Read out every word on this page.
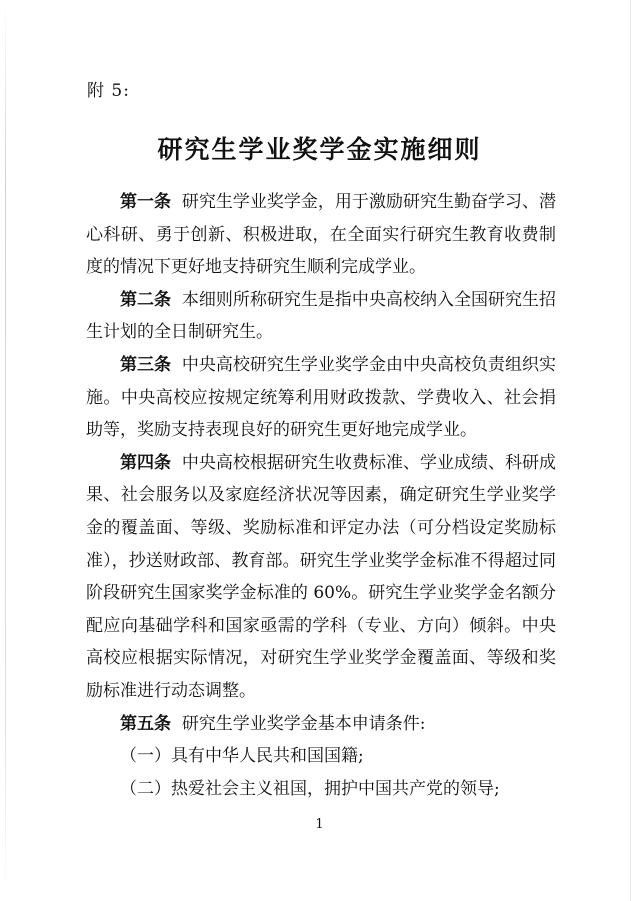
附 5:
研究生学业奖学金实施细则

第一条 研究生学业奖学金，用于激励研究生勤奋学习、潜心科研、勇于创新、积极进取，在全面实行研究生教育收费制度的情况下更好地支持研究生顺利完成学业。

第二条 本细则所称研究生是指中央高校纳入全国研究生招生计划的全日制研究生。

第三条 中央高校研究生学业奖学金由中央高校负责组织实施。中央高校应按规定统筹利用财政拨款、学费收入、社会捐助等，奖励支持表现良好的研究生更好地完成学业。

第四条 中央高校根据研究生收费标准、学业成绩、科研成果、社会服务以及家庭经济状况等因素，确定研究生学业奖学金的覆盖面、等级、奖励标准和评定办法（可分档设定奖励标准），抄送财政部、教育部。研究生学业奖学金标准不得超过同阶段研究生国家奖学金标准的 60%。研究生学业奖学金名额分配应向基础学科和国家亟需的学科（专业、方向）倾斜。中央高校应根据实际情况，对研究生学业奖学金覆盖面、等级和奖励标准进行动态调整。

第五条 研究生学业奖学金基本申请条件:

（一）具有中华人民共和国国籍;

（二）热爱社会主义祖国，拥护中国共产党的领导;

1
